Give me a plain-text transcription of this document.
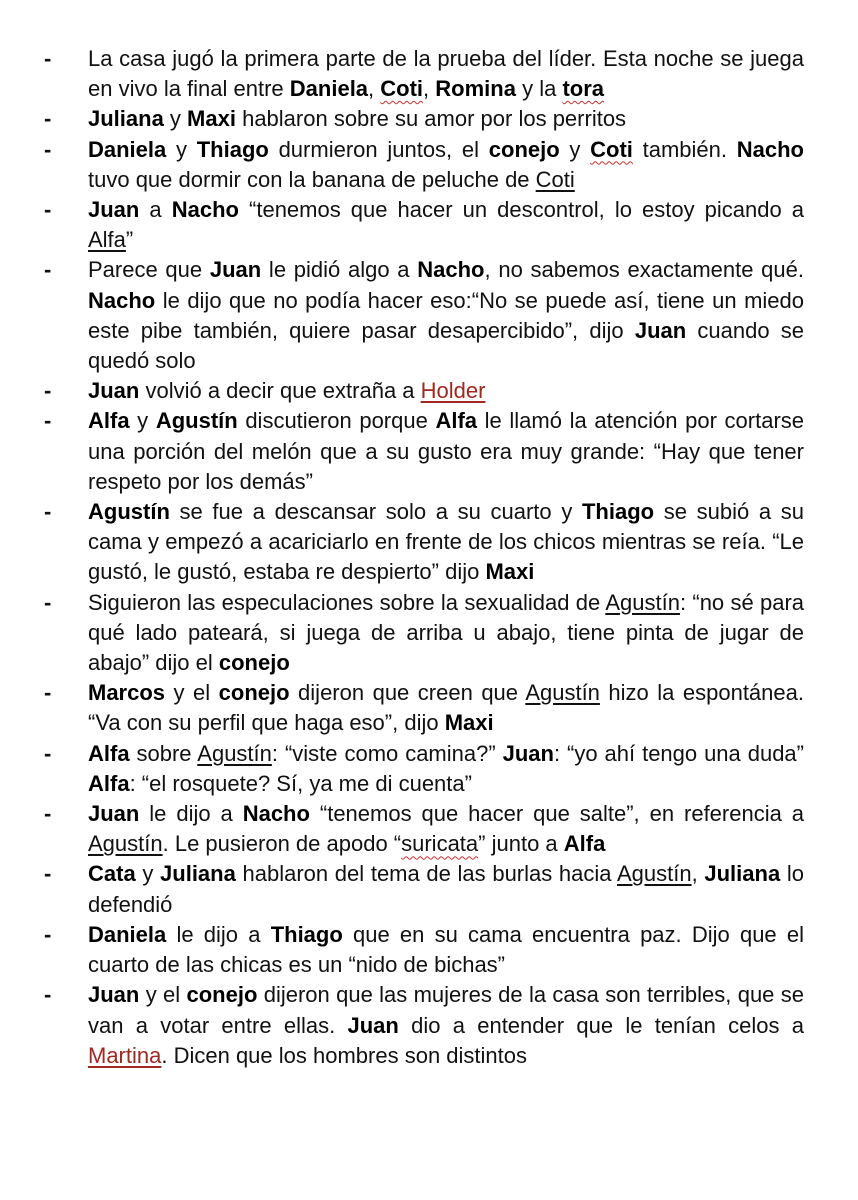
-	La casa jugó la primera parte de la prueba del líder. Esta noche se juega en vivo la final entre Daniela, Coti, Romina y la tora
-	Juliana y Maxi hablaron sobre su amor por los perritos
-	Daniela y Thiago durmieron juntos, el conejo y Coti también. Nacho tuvo que dormir con la banana de peluche de Coti
-	Juan a Nacho “tenemos que hacer un descontrol, lo estoy picando a Alfa”
-	Parece que Juan le pidió algo a Nacho, no sabemos exactamente qué. Nacho le dijo que no podía hacer eso:“No se puede así, tiene un miedo este pibe también, quiere pasar desapercibido”, dijo Juan cuando se quedó solo
-	Juan volvió a decir que extraña a Holder
-	Alfa y Agustín discutieron porque Alfa le llamó la atención por cortarse una porción del melón que a su gusto era muy grande: “Hay que tener respeto por los demás”
-	Agustín se fue a descansar solo a su cuarto y Thiago se subió a su cama y empezó a acariciarlo en frente de los chicos mientras se reía. “Le gustó, le gustó, estaba re despierto” dijo Maxi
-	Siguieron las especulaciones sobre la sexualidad de Agustín: “no sé para qué lado pateará, si juega de arriba u abajo, tiene pinta de jugar de abajo” dijo el conejo
-	Marcos y el conejo dijeron que creen que Agustín hizo la espontánea. “Va con su perfil que haga eso”, dijo Maxi
-	Alfa sobre Agustín: “viste como camina?” Juan: “yo ahí tengo una duda” Alfa: “el rosquete? Sí, ya me di cuenta”
-	Juan le dijo a Nacho “tenemos que hacer que salte”, en referencia a Agustín. Le pusieron de apodo “suricata” junto a Alfa
-	Cata y Juliana hablaron del tema de las burlas hacia Agustín, Juliana lo defendió
-	Daniela le dijo a Thiago que en su cama encuentra paz. Dijo que el cuarto de las chicas es un “nido de bichas”
-	Juan y el conejo dijeron que las mujeres de la casa son terribles, que se van a votar entre ellas. Juan dio a entender que le tenían celos a Martina. Dicen que los hombres son distintos
